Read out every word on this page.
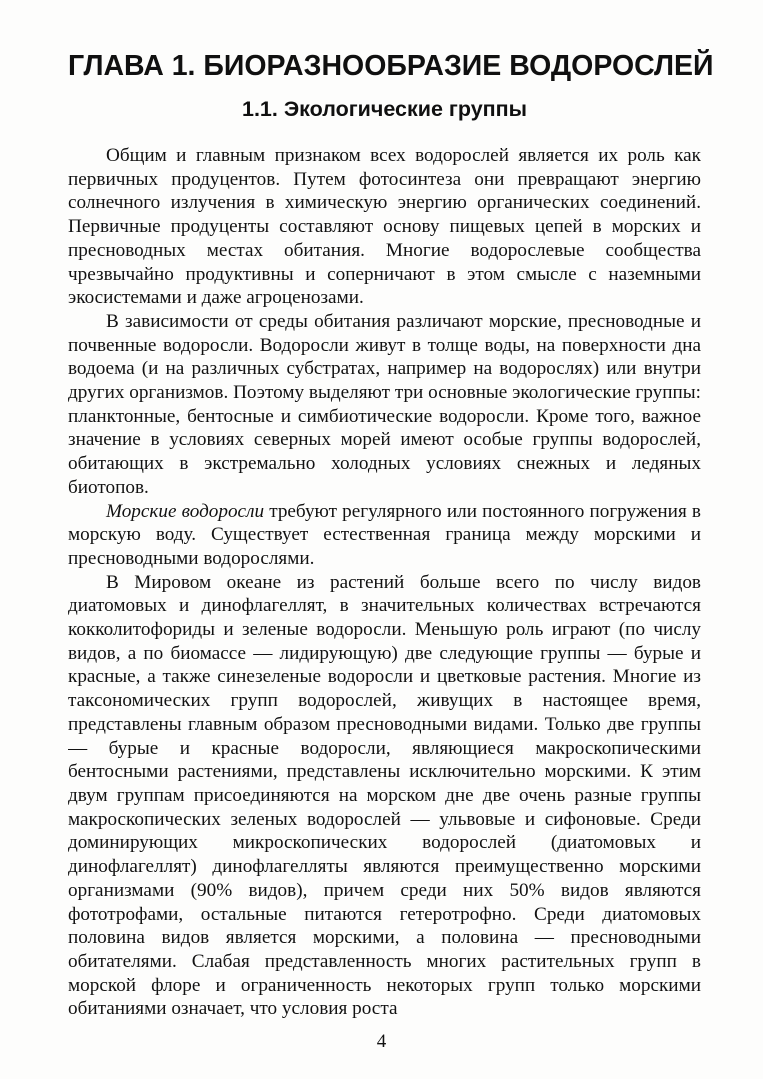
ГЛАВА 1. БИОРАЗНООБРАЗИЕ ВОДОРОСЛЕЙ
1.1. Экологические группы

Общим и главным признаком всех водорослей является их роль как первичных продуцентов. Путем фотосинтеза они превращают энергию солнечного излучения в химическую энергию органических соединений. Первичные продуценты составляют основу пищевых цепей в морских и пресноводных местах обитания. Многие водорослевые сообщества чрезвычайно продуктивны и соперничают в этом смысле с наземными экосистемами и даже агроценозами.

В зависимости от среды обитания различают морские, пресноводные и почвенные водоросли. Водоросли живут в толще воды, на поверхности дна водоема (и на различных субстратах, например на водорослях) или внутри других организмов. Поэтому выделяют три основные экологические группы: планктонные, бентосные и симбиотические водоросли. Кроме того, важное значение в условиях северных морей имеют особые группы водорослей, обитающих в экстремально холодных условиях снежных и ледяных биотопов.

Морские водоросли требуют регулярного или постоянного погружения в морскую воду. Существует естественная граница между морскими и пресноводными водорослями.

В Мировом океане из растений больше всего по числу видов диатомовых и динофлагеллят, в значительных количествах встречаются кокколитофориды и зеленые водоросли. Меньшую роль играют (по числу видов, а по биомассе — лидирующую) две следующие группы — бурые и красные, а также синезеленые водоросли и цветковые растения. Многие из таксономических групп водорослей, живущих в настоящее время, представлены главным образом пресноводными видами. Только две группы — бурые и красные водоросли, являющиеся макроскопическими бентосными растениями, представлены исключительно морскими. К этим двум группам присоединяются на морском дне две очень разные группы макроскопических зеленых водорослей — ульвовые и сифоновые. Среди доминирующих микроскопических водорослей (диатомовых и динофлагеллят) динофлагелляты являются преимущественно морскими организмами (90% видов), причем среди них 50% видов являются фототрофами, остальные питаются гетеротрофно. Среди диатомовых половина видов является морскими, а половина — пресноводными обитателями. Слабая представленность многих растительных групп в морской флоре и ограниченность некоторых групп только морскими обитаниями означает, что условия роста

4
